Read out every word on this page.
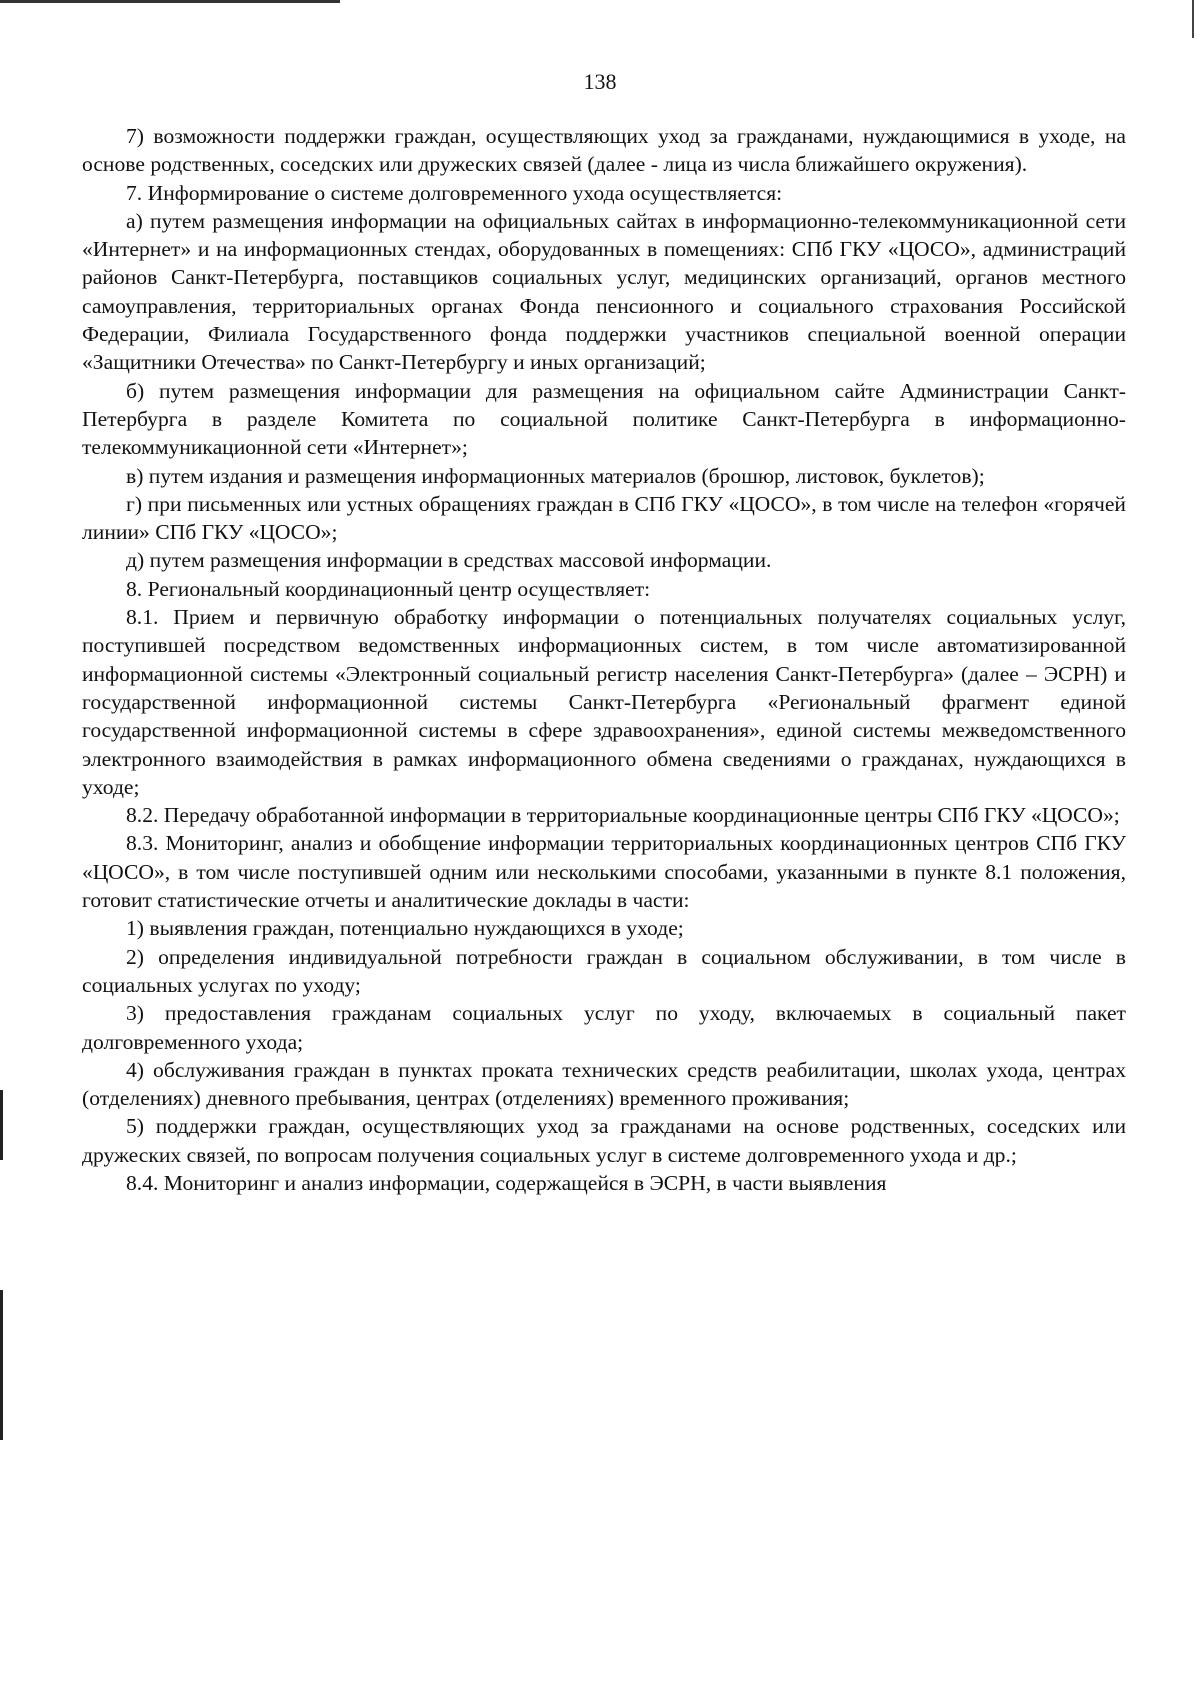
138

7) возможности поддержки граждан, осуществляющих уход за гражданами, нуждающимися в уходе, на основе родственных, соседских или дружеских связей (далее - лица из числа ближайшего окружения).

7. Информирование о системе долговременного ухода осуществляется:

а) путем размещения информации на официальных сайтах в информационно-телекоммуникационной сети «Интернет» и на информационных стендах, оборудованных в помещениях: СПб ГКУ «ЦОСО», администраций районов Санкт-Петербурга, поставщиков социальных услуг, медицинских организаций, органов местного самоуправления, территориальных органах Фонда пенсионного и социального страхования Российской Федерации, Филиала Государственного фонда поддержки участников специальной военной операции «Защитники Отечества» по Санкт-Петербургу и иных организаций;

б) путем размещения информации для размещения на официальном сайте Администрации Санкт-Петербурга в разделе Комитета по социальной политике Санкт-Петербурга в информационно-телекоммуникационной сети «Интернет»;

в) путем издания и размещения информационных материалов (брошюр, листовок, буклетов);

г) при письменных или устных обращениях граждан в СПб ГКУ «ЦОСО», в том числе на телефон «горячей линии» СПб ГКУ «ЦОСО»;

д) путем размещения информации в средствах массовой информации.

8. Региональный координационный центр осуществляет:

8.1. Прием и первичную обработку информации о потенциальных получателях социальных услуг, поступившей посредством ведомственных информационных систем, в том числе автоматизированной информационной системы «Электронный социальный регистр населения Санкт-Петербурга» (далее – ЭСРН) и государственной информационной системы Санкт-Петербурга «Региональный фрагмент единой государственной информационной системы в сфере здравоохранения», единой системы межведомственного электронного взаимодействия в рамках информационного обмена сведениями о гражданах, нуждающихся в уходе;

8.2. Передачу обработанной информации в территориальные координационные центры СПб ГКУ «ЦОСО»;

8.3. Мониторинг, анализ и обобщение информации территориальных координационных центров СПб ГКУ «ЦОСО», в том числе поступившей одним или несколькими способами, указанными в пункте 8.1 положения, готовит статистические отчеты и аналитические доклады в части:

1) выявления граждан, потенциально нуждающихся в уходе;

2) определения индивидуальной потребности граждан в социальном обслуживании, в том числе в социальных услугах по уходу;

3) предоставления гражданам социальных услуг по уходу, включаемых в социальный пакет долговременного ухода;

4) обслуживания граждан в пунктах проката технических средств реабилитации, школах ухода, центрах (отделениях) дневного пребывания, центрах (отделениях) временного проживания;

5) поддержки граждан, осуществляющих уход за гражданами на основе родственных, соседских или дружеских связей, по вопросам получения социальных услуг в системе долговременного ухода и др.;

8.4. Мониторинг и анализ информации, содержащейся в ЭСРН, в части выявления
